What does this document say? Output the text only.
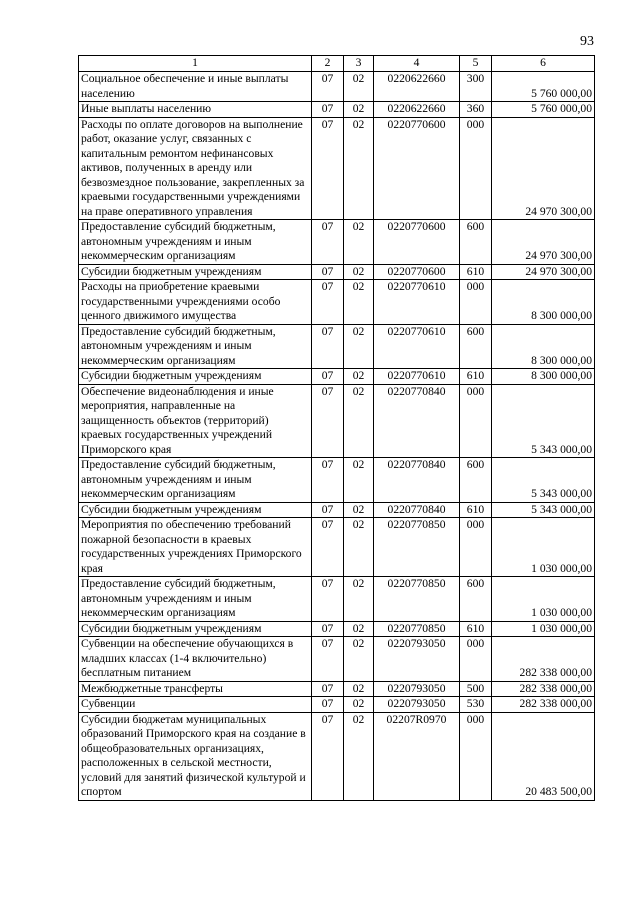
93
1	2	3	4	5	6
Социальное обеспечение и иные выплаты населению	07	02	0220622660	300	5 760 000,00
Иные выплаты населению	07	02	0220622660	360	5 760 000,00
Расходы по оплате договоров на выполнение работ, оказание услуг, связанных с капитальным ремонтом нефинансовых активов, полученных в аренду или безвозмездное пользование, закрепленных за краевыми государственными учреждениями на праве оперативного управления	07	02	0220770600	000	24 970 300,00
Предоставление субсидий бюджетным, автономным учреждениям и иным некоммерческим организациям	07	02	0220770600	600	24 970 300,00
Субсидии бюджетным учреждениям	07	02	0220770600	610	24 970 300,00
Расходы на приобретение краевыми государственными учреждениями особо ценного движимого имущества	07	02	0220770610	000	8 300 000,00
Предоставление субсидий бюджетным, автономным учреждениям и иным некоммерческим организациям	07	02	0220770610	600	8 300 000,00
Субсидии бюджетным учреждениям	07	02	0220770610	610	8 300 000,00
Обеспечение видеонаблюдения и иные мероприятия, направленные на защищенность объектов (территорий) краевых государственных учреждений Приморского края	07	02	0220770840	000	5 343 000,00
Предоставление субсидий бюджетным, автономным учреждениям и иным некоммерческим организациям	07	02	0220770840	600	5 343 000,00
Субсидии бюджетным учреждениям	07	02	0220770840	610	5 343 000,00
Мероприятия по обеспечению требований пожарной безопасности в краевых государственных учреждениях Приморского края	07	02	0220770850	000	1 030 000,00
Предоставление субсидий бюджетным, автономным учреждениям и иным некоммерческим организациям	07	02	0220770850	600	1 030 000,00
Субсидии бюджетным учреждениям	07	02	0220770850	610	1 030 000,00
Субвенции на обеспечение обучающихся в младших классах (1-4 включительно) бесплатным питанием	07	02	0220793050	000	282 338 000,00
Межбюджетные трансферты	07	02	0220793050	500	282 338 000,00
Субвенции	07	02	0220793050	530	282 338 000,00
Субсидии бюджетам муниципальных образований Приморского края на создание в общеобразовательных организациях, расположенных в сельской местности, условий для занятий физической культурой и спортом	07	02	02207R0970	000	20 483 500,00
